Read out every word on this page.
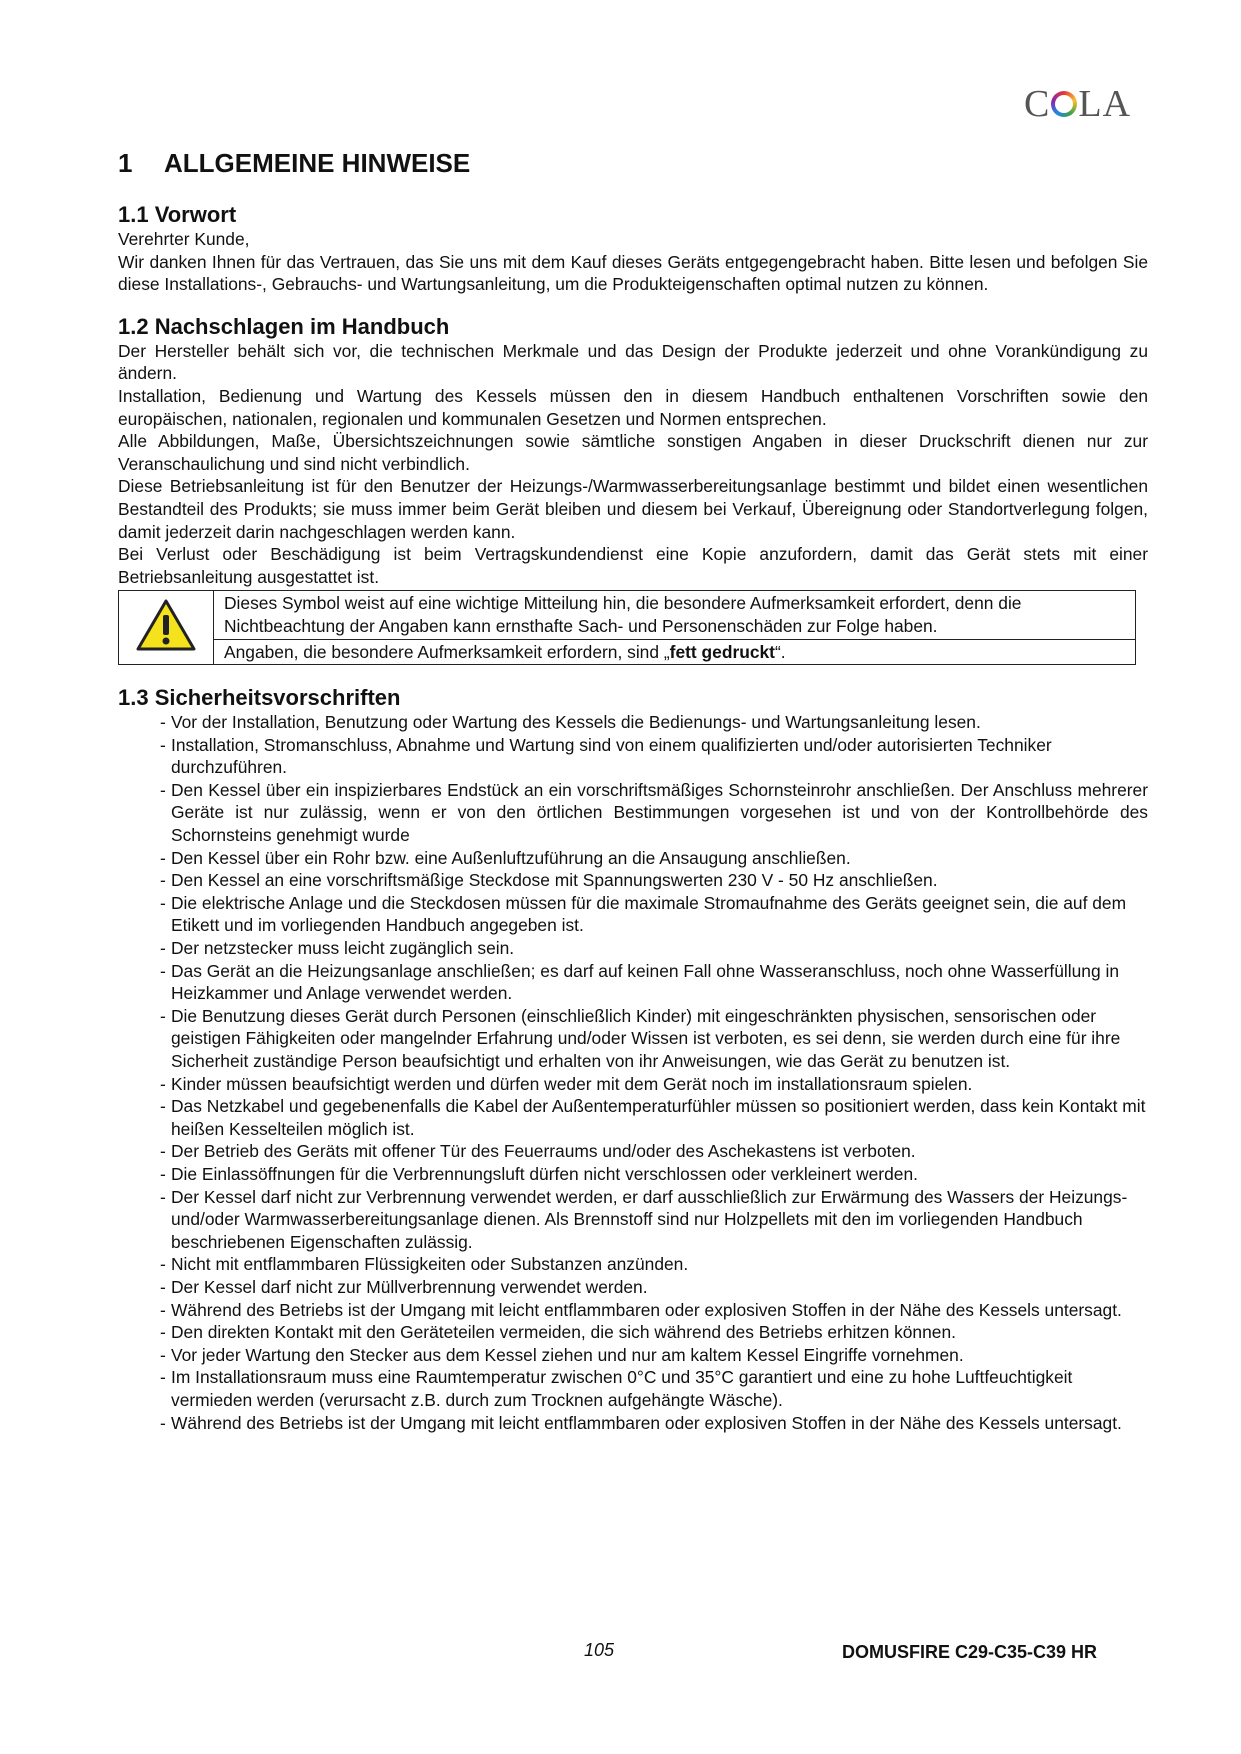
C LA
1 ALLGEMEINE HINWEISE
1.1 Vorwort

Verehrter Kunde,

Wir danken Ihnen für das Vertrauen, das Sie uns mit dem Kauf dieses Geräts entgegengebracht haben. Bitte lesen und befolgen Sie diese Installations-, Gebrauchs- und Wartungsanleitung, um die Produkteigenschaften optimal nutzen zu können.

1.2 Nachschlagen im Handbuch

Der Hersteller behält sich vor, die technischen Merkmale und das Design der Produkte jederzeit und ohne Vorankündigung zu ändern.

Installation, Bedienung und Wartung des Kessels müssen den in diesem Handbuch enthaltenen Vorschriften sowie den europäischen, nationalen, regionalen und kommunalen Gesetzen und Normen entsprechen.

Alle Abbildungen, Maße, Übersichtszeichnungen sowie sämtliche sonstigen Angaben in dieser Druckschrift dienen nur zur Veranschaulichung und sind nicht verbindlich.

Diese Betriebsanleitung ist für den Benutzer der Heizungs-/Warmwasserbereitungsanlage bestimmt und bildet einen wesentlichen Bestandteil des Produkts; sie muss immer beim Gerät bleiben und diesem bei Verkauf, Übereignung oder Standortverlegung folgen, damit jederzeit darin nachgeschlagen werden kann.

Bei Verlust oder Beschädigung ist beim Vertragskundendienst eine Kopie anzufordern, damit das Gerät stets mit einer Betriebsanleitung ausgestattet ist.

	Dieses Symbol weist auf eine wichtige Mitteilung hin, die besondere Aufmerksamkeit erfordert, denn die Nichtbeachtung der Angaben kann ernsthafte Sach- und Personenschäden zur Folge haben.
Angaben, die besondere Aufmerksamkeit erfordern, sind „fett gedruckt“.
1.3 Sicherheitsvorschriften
- Vor der Installation, Benutzung oder Wartung des Kessels die Bedienungs- und Wartungsanleitung lesen.
- Installation, Stromanschluss, Abnahme und Wartung sind von einem qualifizierten und/oder autorisierten Techniker durchzuführen.
- Den Kessel über ein inspizierbares Endstück an ein vorschriftsmäßiges Schornsteinrohr anschließen. Der Anschluss mehrerer Geräte ist nur zulässig, wenn er von den örtlichen Bestimmungen vorgesehen ist und von der Kontrollbehörde des Schornsteins genehmigt wurde
- Den Kessel über ein Rohr bzw. eine Außenluftzuführung an die Ansaugung anschließen.
- Den Kessel an eine vorschriftsmäßige Steckdose mit Spannungswerten 230 V - 50 Hz anschließen.
- Die elektrische Anlage und die Steckdosen müssen für die maximale Stromaufnahme des Geräts geeignet sein, die auf dem Etikett und im vorliegenden Handbuch angegeben ist.
- Der netzstecker muss leicht zugänglich sein.
- Das Gerät an die Heizungsanlage anschließen; es darf auf keinen Fall ohne Wasseranschluss, noch ohne Wasserfüllung in Heizkammer und Anlage verwendet werden.
- Die Benutzung dieses Gerät durch Personen (einschließlich Kinder) mit eingeschränkten physischen, sensorischen oder geistigen Fähigkeiten oder mangelnder Erfahrung und/oder Wissen ist verboten, es sei denn, sie werden durch eine für ihre Sicherheit zuständige Person beaufsichtigt und erhalten von ihr Anweisungen, wie das Gerät zu benutzen ist.
- Kinder müssen beaufsichtigt werden und dürfen weder mit dem Gerät noch im installationsraum spielen.
- Das Netzkabel und gegebenenfalls die Kabel der Außentemperaturfühler müssen so positioniert werden, dass kein Kontakt mit heißen Kesselteilen möglich ist.
- Der Betrieb des Geräts mit offener Tür des Feuerraums und/oder des Aschekastens ist verboten.
- Die Einlassöffnungen für die Verbrennungsluft dürfen nicht verschlossen oder verkleinert werden.
- Der Kessel darf nicht zur Verbrennung verwendet werden, er darf ausschließlich zur Erwärmung des Wassers der Heizungs- und/oder Warmwasserbereitungsanlage dienen. Als Brennstoff sind nur Holzpellets mit den im vorliegenden Handbuch beschriebenen Eigenschaften zulässig.
- Nicht mit entflammbaren Flüssigkeiten oder Substanzen anzünden.
- Der Kessel darf nicht zur Müllverbrennung verwendet werden.
- Während des Betriebs ist der Umgang mit leicht entflammbaren oder explosiven Stoffen in der Nähe des Kessels untersagt.
- Den direkten Kontakt mit den Geräteteilen vermeiden, die sich während des Betriebs erhitzen können.
- Vor jeder Wartung den Stecker aus dem Kessel ziehen und nur am kaltem Kessel Eingriffe vornehmen.
- Im Installationsraum muss eine Raumtemperatur zwischen 0°C und 35°C garantiert und eine zu hohe Luftfeuchtigkeit vermieden werden (verursacht z.B. durch zum Trocknen aufgehängte Wäsche).
- Während des Betriebs ist der Umgang mit leicht entflammbaren oder explosiven Stoffen in der Nähe des Kessels untersagt.
105	DOMUSFIRE C29-C35-C39 HR
